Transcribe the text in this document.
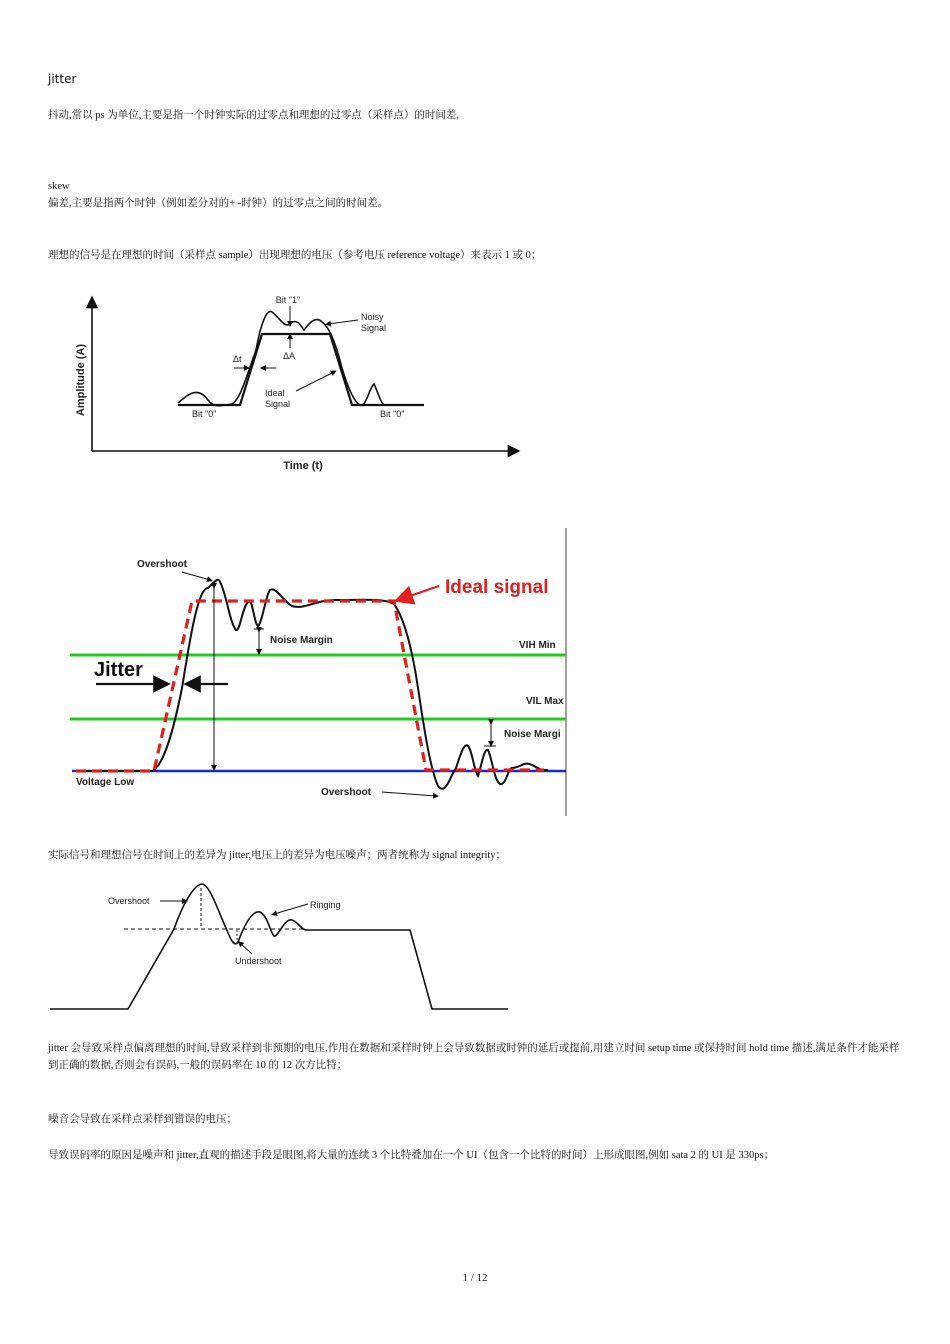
jitter
抖动,常以 ps 为单位,主要是指一个时钟实际的过零点和理想的过零点（采样点）的时间差,
skew
偏差,主要是指两个时钟（例如差分对的+ -时钟）的过零点之间的时间差。
理想的信号是在理想的时间（采样点 sample）出现理想的电压（参考电压 reference voltage）来表示 1 或 0；
Amplitude (A)
Time (t)
Bit "1"
ΔA
Noisy
Signal
Δt
Ideal
Signal
Bit "0"	Bit "0"
Overshoot
Ideal signal
Noise Margin	VIH Min
Jitter
VIL Max
Noise Margi
Voltage Low
Overshoot
实际信号和理想信号在时间上的差异为 jitter,电压上的差异为电压噪声；两者统称为 signal integrity；
Overshoot	Ringing
Undershoot
jitter 会导致采样点偏离理想的时间,导致采样到非预期的电压,作用在数据和采样时钟上会导致数据或时钟的延后或提前,用建立时间 setup time 或保持时间 hold time 描述,满足条件才能采样到正确的数据,否则会有误码,一般的误码率在 10 的 12 次方比特；
噪音会导致在采样点采样到错误的电压；
导致误码率的原因是噪声和 jitter,直观的描述手段是眼图,将大量的连续 3 个比特叠加在一个 UI（包含一个比特的时间）上形成眼图,例如 sata 2 的 UI 是 330ps；
1 / 12
